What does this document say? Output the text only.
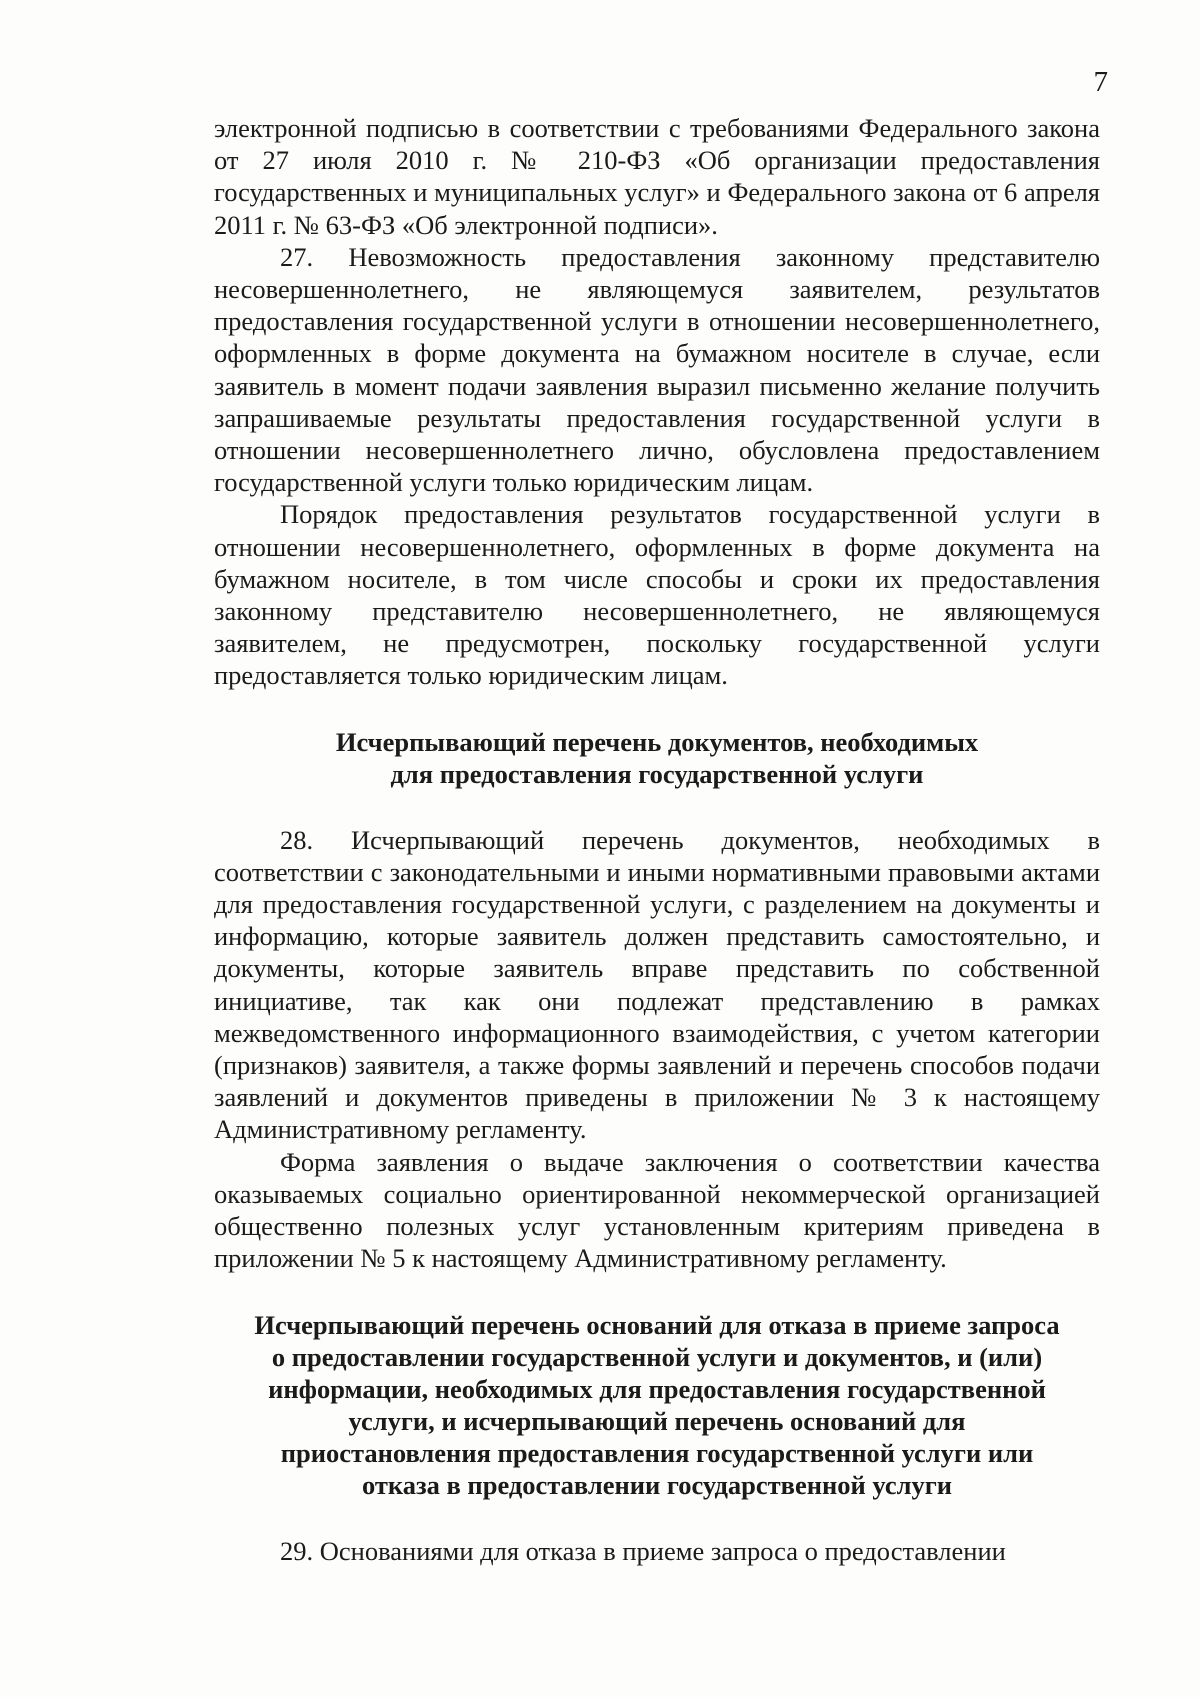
7

электронной подписью в соответствии с требованиями Федерального закона от 27 июля 2010 г. № 210-ФЗ «Об организации предоставления государственных и муниципальных услуг» и Федерального закона от 6 апреля 2011 г. № 63-ФЗ «Об электронной подписи».

27. Невозможность предоставления законному представителю несовершеннолетнего, не являющемуся заявителем, результатов предоставления государственной услуги в отношении несовершеннолетнего, оформленных в форме документа на бумажном носителе в случае, если заявитель в момент подачи заявления выразил письменно желание получить запрашиваемые результаты предоставления государственной услуги в отношении несовершеннолетнего лично, обусловлена предоставлением государственной услуги только юридическим лицам.

Порядок предоставления результатов государственной услуги в отношении несовершеннолетнего, оформленных в форме документа на бумажном носителе, в том числе способы и сроки их предоставления законному представителю несовершеннолетнего, не являющемуся заявителем, не предусмотрен, поскольку государственной услуги предоставляется только юридическим лицам.

Исчерпывающий перечень документов, необходимых
для предоставления государственной услуги

28. Исчерпывающий перечень документов, необходимых в соответствии с законодательными и иными нормативными правовыми актами для предоставления государственной услуги, с разделением на документы и информацию, которые заявитель должен представить самостоятельно, и документы, которые заявитель вправе представить по собственной инициативе, так как они подлежат представлению в рамках межведомственного информационного взаимодействия, с учетом категории (признаков) заявителя, а также формы заявлений и перечень способов подачи заявлений и документов приведены в приложении № 3 к настоящему Административному регламенту.

Форма заявления о выдаче заключения о соответствии качества оказываемых социально ориентированной некоммерческой организацией общественно полезных услуг установленным критериям приведена в приложении № 5 к настоящему Административному регламенту.

Исчерпывающий перечень оснований для отказа в приеме запроса
о предоставлении государственной услуги и документов, и (или)
информации, необходимых для предоставления государственной
услуги, и исчерпывающий перечень оснований для
приостановления предоставления государственной услуги или
отказа в предоставлении государственной услуги

29. Основаниями для отказа в приеме запроса о предоставлении
